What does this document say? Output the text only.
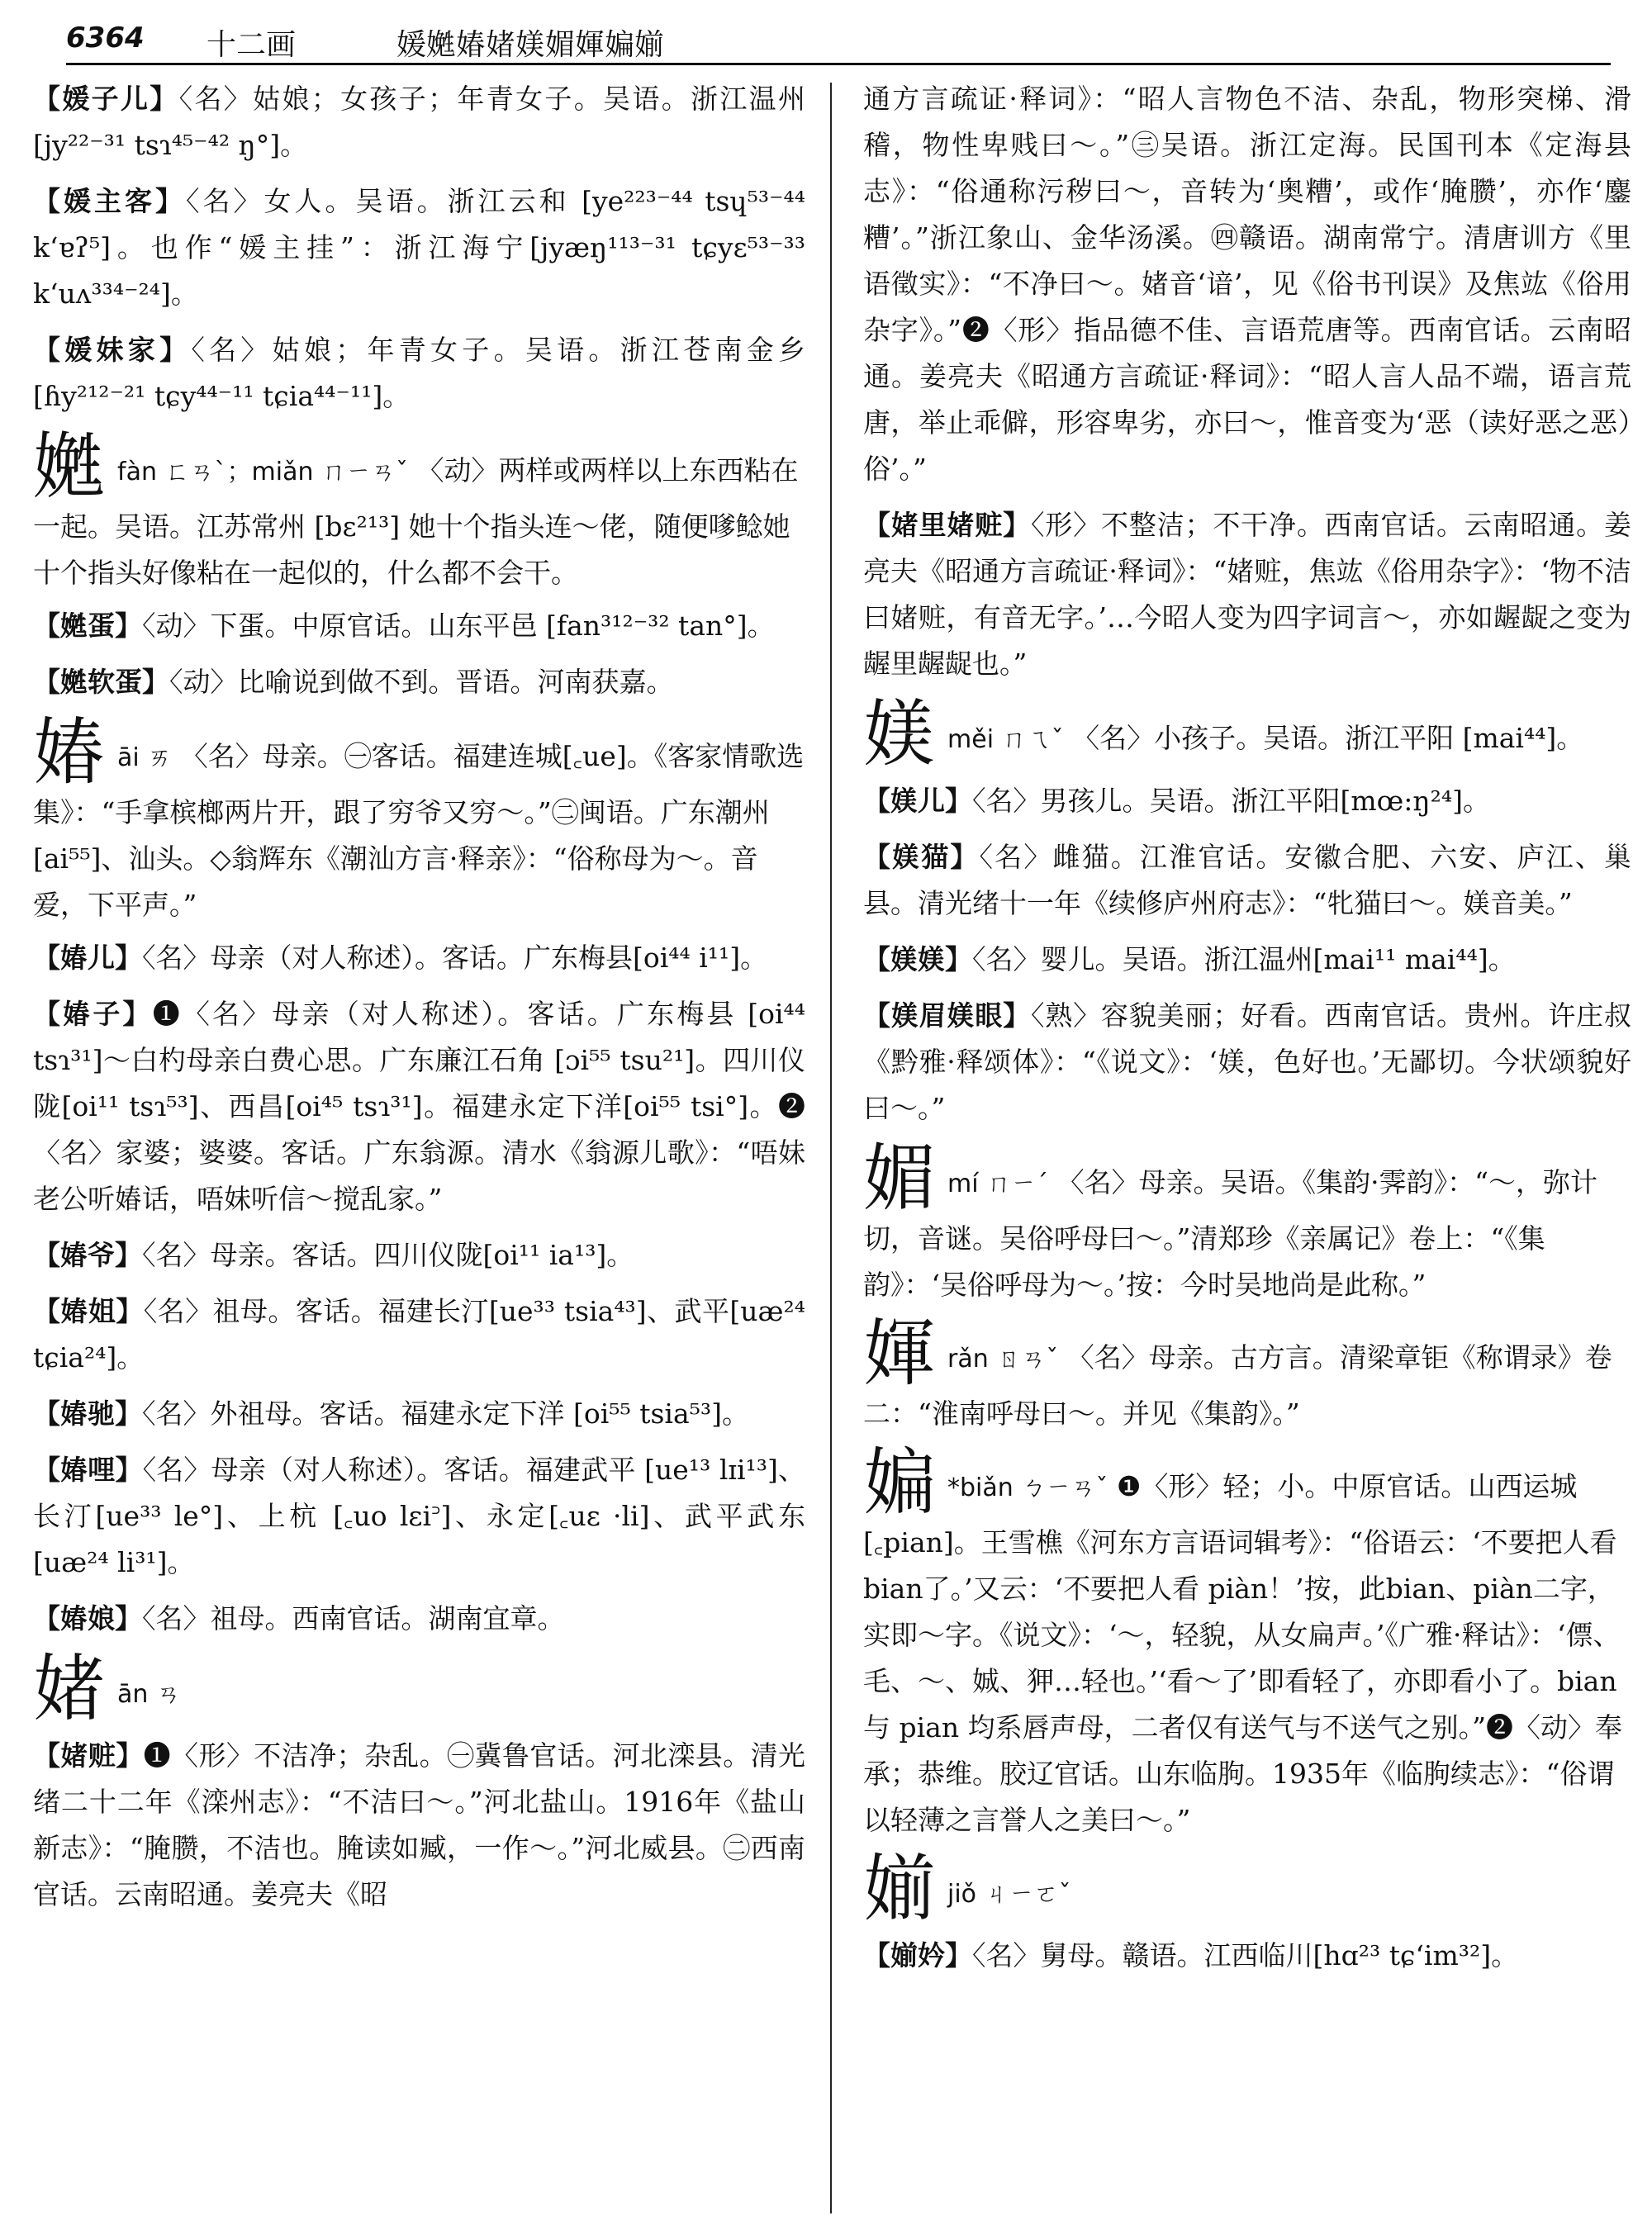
6364 十二画	媛嬎媋媎媄媚媈媥媊
【媛子儿】〈名〉姑娘；女孩子；年青女子。吴语。浙江温州[jy²²⁻³¹ tsɿ⁴⁵⁻⁴² ŋ°]。
【媛主客】〈名〉女人。吴语。浙江云和 [ye²²³⁻⁴⁴ tsɥ⁵³⁻⁴⁴ kʻɐʔ⁵]。也作“媛主挂”：浙江海宁[jyæŋ¹¹³⁻³¹ tɕyɛ⁵³⁻³³ kʻuʌ³³⁴⁻²⁴]。
【媛妹家】〈名〉姑娘；年青女子。吴语。浙江苍南金乡[ɦy²¹²⁻²¹ tɕy⁴⁴⁻¹¹ tɕia⁴⁴⁻¹¹]。
嬎fàn ㄈㄢˋ；miǎn ㄇㄧㄢˇ 〈动〉两样或两样以上东西粘在一起。吴语。江苏常州 [bɛ²¹³] 她十个指头连～佬，随便嗲鲶她十个指头好像粘在一起似的，什么都不会干。
【嬎蛋】〈动〉下蛋。中原官话。山东平邑 [fan³¹²⁻³² tan°]。
【嬎软蛋】〈动〉比喻说到做不到。晋语。河南获嘉。
媋āi ㄞ 〈名〉母亲。㊀客话。福建连城[꜀ue]。《客家情歌选集》：“手拿槟榔两片开，跟了穷爷又穷～。”㊁闽语。广东潮州[ai⁵⁵]、汕头。◇翁辉东《潮汕方言·释亲》：“俗称母为～。音爱，下平声。”
【媋儿】〈名〉母亲（对人称述）。客话。广东梅县[oi⁴⁴ i¹¹]。
【媋子】❶〈名〉母亲（对人称述）。客话。广东梅县 [oi⁴⁴ tsɿ³¹]～白杓母亲白费心思。广东廉江石角 [ɔi⁵⁵ tsu²¹]。四川仪陇[oi¹¹ tsɿ⁵³]、西昌[oi⁴⁵ tsɿ³¹]。福建永定下洋[oi⁵⁵ tsi°]。❷〈名〉家婆；婆婆。客话。广东翁源。清水《翁源儿歌》：“唔妹老公听媋话，唔妹听信～搅乱家。”
【媋爷】〈名〉母亲。客话。四川仪陇[oi¹¹ ia¹³]。
【媋姐】〈名〉祖母。客话。福建长汀[ue³³ tsia⁴³]、武平[uæ²⁴ tɕia²⁴]。
【媋驰】〈名〉外祖母。客话。福建永定下洋 [oi⁵⁵ tsia⁵³]。
【媋哩】〈名〉母亲（对人称述）。客话。福建武平 [ue¹³ lɪi¹³]、长汀[ue³³ le°]、上杭 [꜀uo lɛi꜄]、永定[꜀uɛ ·li]、武平武东[uæ²⁴ li³¹]。
【媋娘】〈名〉祖母。西南官话。湖南宜章。
媎ān ㄢ
【媎赃】❶〈形〉不洁净；杂乱。㊀冀鲁官话。河北滦县。清光绪二十二年《滦州志》：“不洁曰～。”河北盐山。1916年《盐山新志》：“腌臜，不洁也。腌读如臧，一作～。”河北威县。㊁西南官话。云南昭通。姜亮夫《昭
通方言疏证·释词》：“昭人言物色不洁、杂乱，物形突梯、滑稽，物性卑贱曰～。”㊂吴语。浙江定海。民国刊本《定海县志》：“俗通称污秽曰～，音转为‘奥糟’，或作‘腌臜’，亦作‘鏖糟’。”浙江象山、金华汤溪。㊃赣语。湖南常宁。清唐训方《里语徵实》：“不净曰～。媎音‘谙’，见《俗书刊误》及焦竑《俗用杂字》。”❷〈形〉指品德不佳、言语荒唐等。西南官话。云南昭通。姜亮夫《昭通方言疏证·释词》：“昭人言人品不端，语言荒唐，举止乖僻，形容卑劣，亦曰～，惟音变为‘恶（读好恶之恶）俗’。”
【媎里媎赃】〈形〉不整洁；不干净。西南官话。云南昭通。姜亮夫《昭通方言疏证·释词》：“媎赃，焦竑《俗用杂字》：‘物不洁曰媎赃，有音无字。’…今昭人变为四字词言～，亦如龌龊之变为龌里龌龊也。”
媄měi ㄇㄟˇ 〈名〉小孩子。吴语。浙江平阳 [mai⁴⁴]。
【媄儿】〈名〉男孩儿。吴语。浙江平阳[mœ:ŋ²⁴]。
【媄猫】〈名〉雌猫。江淮官话。安徽合肥、六安、庐江、巢县。清光绪十一年《续修庐州府志》：“牝猫曰～。媄音美。”
【媄媄】〈名〉婴儿。吴语。浙江温州[mai¹¹ mai⁴⁴]。
【媄眉媄眼】〈熟〉容貌美丽；好看。西南官话。贵州。许庄叔《黔雅·释颂体》：“《说文》：‘媄，色好也。’无鄙切。今状颂貌好曰～。”
媚mí ㄇㄧˊ 〈名〉母亲。吴语。《集韵·霁韵》：“～，弥计切，音谜。吴俗呼母曰～。”清郑珍《亲属记》卷上：“《集韵》：‘吴俗呼母为～。’按：今时吴地尚是此称。”
媈rǎn ㄖㄢˇ 〈名〉母亲。古方言。清梁章钜《称谓录》卷二：“淮南呼母曰～。并见《集韵》。”
媥 *biǎn ㄅㄧㄢˇ ❶〈形〉轻；小。中原官话。山西运城[꜀pian]。王雪樵《河东方言语词辑考》：“俗语云：‘不要把人看bian了。’又云：‘不要把人看 piàn！’按，此bian、piàn二字，实即～字。《说文》：‘～，轻貌，从女扁声。’《广雅·释诂》：‘僄、毛、～、娍、狎…轻也。’‘看～了’即看轻了，亦即看小了。bian与 pian 均系唇声母，二者仅有送气与不送气之别。”❷〈动〉奉承；恭维。胶辽官话。山东临朐。1935年《临朐续志》：“俗谓以轻薄之言誉人之美曰～。”
媊jiǒ ㄐㄧㄛˇ
【媊妗】〈名〉舅母。赣语。江西临川[hɑ²³ tɕʻim³²]。
